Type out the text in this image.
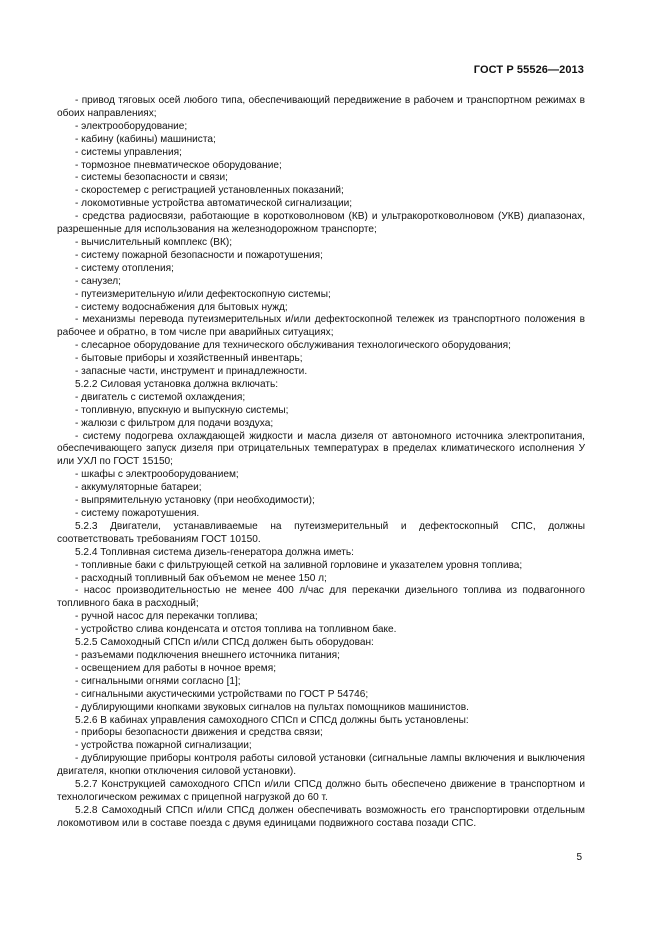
ГОСТ Р 55526—2013

- привод тяговых осей любого типа, обеспечивающий передвижение в рабочем и транспортном режимах в обоих направлениях;

- электрооборудование;

- кабину (кабины) машиниста;

- системы управления;

- тормозное пневматическое оборудование;

- системы безопасности и связи;

- скоростемер с регистрацией установленных показаний;

- локомотивные устройства автоматической сигнализации;

- средства радиосвязи, работающие в коротковолновом (КВ) и ультракоротковолновом (УКВ) диапазонах, разрешенные для использования на железнодорожном транспорте;

- вычислительный комплекс (ВК);

- систему пожарной безопасности и пожаротушения;

- систему отопления;

- санузел;

- путеизмерительную и/или дефектоскопную системы;

- систему водоснабжения для бытовых нужд;

- механизмы перевода путеизмерительных и/или дефектоскопной тележек из транспортного положения в рабочее и обратно, в том числе при аварийных ситуациях;

- слесарное оборудование для технического обслуживания технологического оборудования;

- бытовые приборы и хозяйственный инвентарь;

- запасные части, инструмент и принадлежности.

5.2.2 Силовая установка должна включать:

- двигатель с системой охлаждения;

- топливную, впускную и выпускную системы;

- жалюзи с фильтром для подачи воздуха;

- систему подогрева охлаждающей жидкости и масла дизеля от автономного источника электропитания, обеспечивающего запуск дизеля при отрицательных температурах в пределах климатического исполнения У или УХЛ по ГОСТ 15150;

- шкафы с электрооборудованием;

- аккумуляторные батареи;

- выпрямительную установку (при необходимости);

- систему пожаротушения.

5.2.3 Двигатели, устанавливаемые на путеизмерительный и дефектоскопный СПС, должны соответствовать требованиям ГОСТ 10150.

5.2.4 Топливная система дизель-генератора должна иметь:

- топливные баки с фильтрующей сеткой на заливной горловине и указателем уровня топлива;

- расходный топливный бак объемом не менее 150 л;

- насос производительностью не менее 400 л/час для перекачки дизельного топлива из подвагонного топливного бака в расходный;

- ручной насос для перекачки топлива;

- устройство слива конденсата и отстоя топлива на топливном баке.

5.2.5 Самоходный СПСп и/или СПСд должен быть оборудован:

- разъемами подключения внешнего источника питания;

- освещением для работы в ночное время;

- сигнальными огнями согласно [1];

- сигнальными акустическими устройствами по ГОСТ Р 54746;

- дублирующими кнопками звуковых сигналов на пультах помощников машинистов.

5.2.6 В кабинах управления самоходного СПСп и СПСд должны быть установлены:

- приборы безопасности движения и средства связи;

- устройства пожарной сигнализации;

- дублирующие приборы контроля работы силовой установки (сигнальные лампы включения и выключения двигателя, кнопки отключения силовой установки).

5.2.7 Конструкцией самоходного СПСп и/или СПСд должно быть обеспечено движение в транспортном и технологическом режимах с прицепной нагрузкой до 60 т.

5.2.8 Самоходный СПСп и/или СПСд должен обеспечивать возможность его транспортировки отдельным локомотивом или в составе поезда с двумя единицами подвижного состава позади СПС.

5
